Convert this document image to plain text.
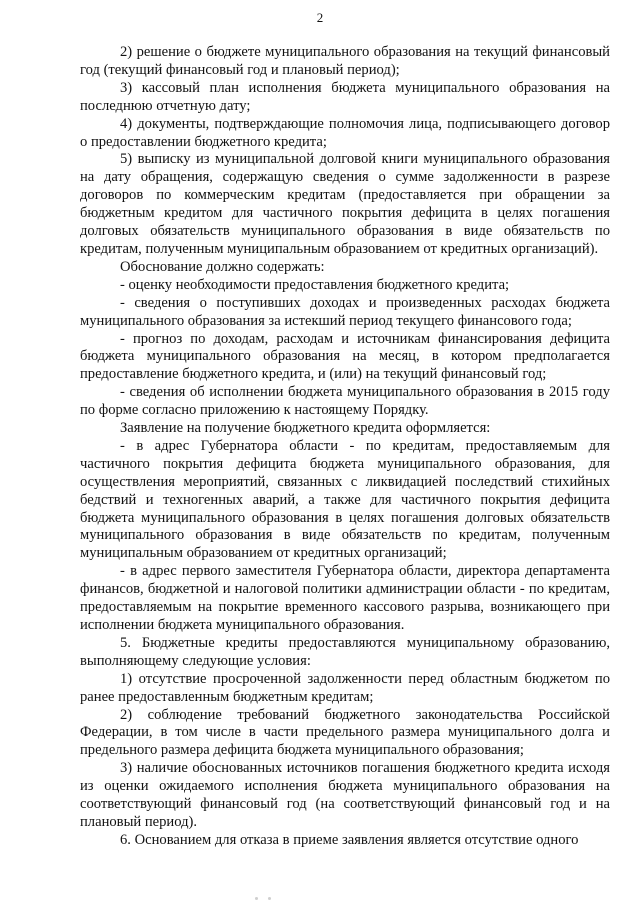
2

2) решение о бюджете муниципального образования на текущий финансовый год (текущий финансовый год и плановый период);

3) кассовый план исполнения бюджета муниципального образования на последнюю отчетную дату;

4) документы, подтверждающие полномочия лица, подписывающего договор о предоставлении бюджетного кредита;

5) выписку из муниципальной долговой книги муниципального образования на дату обращения, содержащую сведения о сумме задолженности в разрезе договоров по коммерческим кредитам (предоставляется при обращении за бюджетным кредитом для частичного покрытия дефицита в целях погашения долговых обязательств муниципального образования в виде обязательств по кредитам, полученным муниципальным образованием от кредитных организаций).

Обоснование должно содержать:

- оценку необходимости предоставления бюджетного кредита;

- сведения о поступивших доходах и произведенных расходах бюджета муниципального образования за истекший период текущего финансового года;

- прогноз по доходам, расходам и источникам финансирования дефицита бюджета муниципального образования на месяц, в котором предполагается предоставление бюджетного кредита, и (или) на текущий финансовый год;

- сведения об исполнении бюджета муниципального образования в 2015 году по форме согласно приложению к настоящему Порядку.

Заявление на получение бюджетного кредита оформляется:

- в адрес Губернатора области - по кредитам, предоставляемым для частичного покрытия дефицита бюджета муниципального образования, для осуществления мероприятий, связанных с ликвидацией последствий стихийных бедствий и техногенных аварий, а также для частичного покрытия дефицита бюджета муниципального образования в целях погашения долговых обязательств муниципального образования в виде обязательств по кредитам, полученным муниципальным образованием от кредитных организаций;

- в адрес первого заместителя Губернатора области, директора департамента финансов, бюджетной и налоговой политики администрации области - по кредитам, предоставляемым на покрытие временного кассового разрыва, возникающего при исполнении бюджета муниципального образования.

5. Бюджетные кредиты предоставляются муниципальному образованию, выполняющему следующие условия:

1) отсутствие просроченной задолженности перед областным бюджетом по ранее предоставленным бюджетным кредитам;

2) соблюдение требований бюджетного законодательства Российской Федерации, в том числе в части предельного размера муниципального долга и предельного размера дефицита бюджета муниципального образования;

3) наличие обоснованных источников погашения бюджетного кредита исходя из оценки ожидаемого исполнения бюджета муниципального образования на соответствующий финансовый год (на соответствующий финансовый год и на плановый период).

6. Основанием для отказа в приеме заявления является отсутствие одного
